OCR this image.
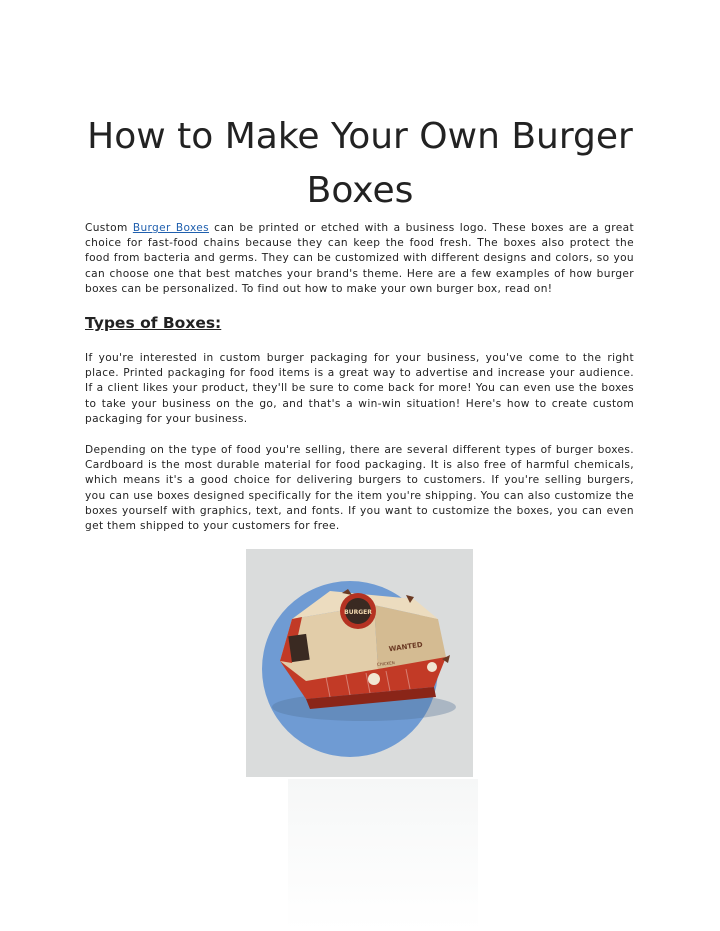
How to Make Your Own Burger Boxes

Custom Burger Boxes can be printed or etched with a business logo. These boxes are a great choice for fast-food chains because they can keep the food fresh. The boxes also protect the food from bacteria and germs. They can be customized with different designs and colors, so you can choose one that best matches your brand's theme. Here are a few examples of how burger boxes can be personalized. To find out how to make your own burger box, read on!

Types of Boxes:

If you're interested in custom burger packaging for your business, you've come to the right place. Printed packaging for food items is a great way to advertise and increase your audience. If a client likes your product, they'll be sure to come back for more! You can even use the boxes to take your business on the go, and that's a win-win situation! Here's how to create custom packaging for your business.

Depending on the type of food you're selling, there are several different types of burger boxes. Cardboard is the most durable material for food packaging. It is also free of harmful chemicals, which means it's a good choice for delivering burgers to customers. If you're selling burgers, you can use boxes designed specifically for the item you're shipping. You can also customize the boxes yourself with graphics, text, and fonts. If you want to customize the boxes, you can even get them shipped to your customers for free.

BURGER
WANTED
CHICKEN
